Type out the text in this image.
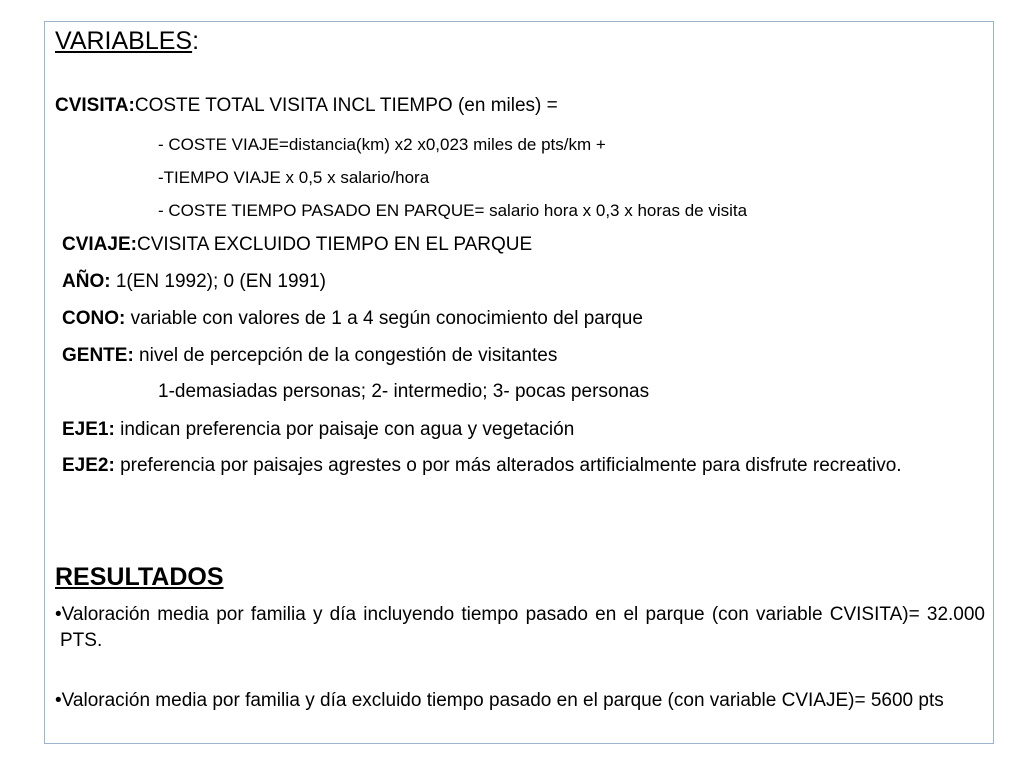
VARIABLES:
CVISITA:COSTE TOTAL VISITA INCL TIEMPO (en miles) =
- COSTE VIAJE=distancia(km) x2 x0,023 miles de pts/km +
-TIEMPO VIAJE x 0,5 x salario/hora
- COSTE TIEMPO PASADO EN PARQUE= salario hora x 0,3 x horas de visita
CVIAJE:CVISITA EXCLUIDO TIEMPO EN EL PARQUE
AÑO: 1(EN 1992); 0 (EN 1991)
CONO: variable con valores de 1 a 4 según conocimiento del parque
GENTE: nivel de percepción de la congestión de visitantes
1-demasiadas personas; 2- intermedio; 3- pocas personas
EJE1: indican preferencia por paisaje con agua y vegetación
EJE2: preferencia por paisajes agrestes o por más alterados artificialmente para disfrute recreativo.
RESULTADOS
•Valoración media por familia y día incluyendo tiempo pasado en el parque (con variable CVISITA)= 32.000 PTS.
•Valoración media por familia y día excluido tiempo pasado en el parque (con variable CVIAJE)= 5600 pts
